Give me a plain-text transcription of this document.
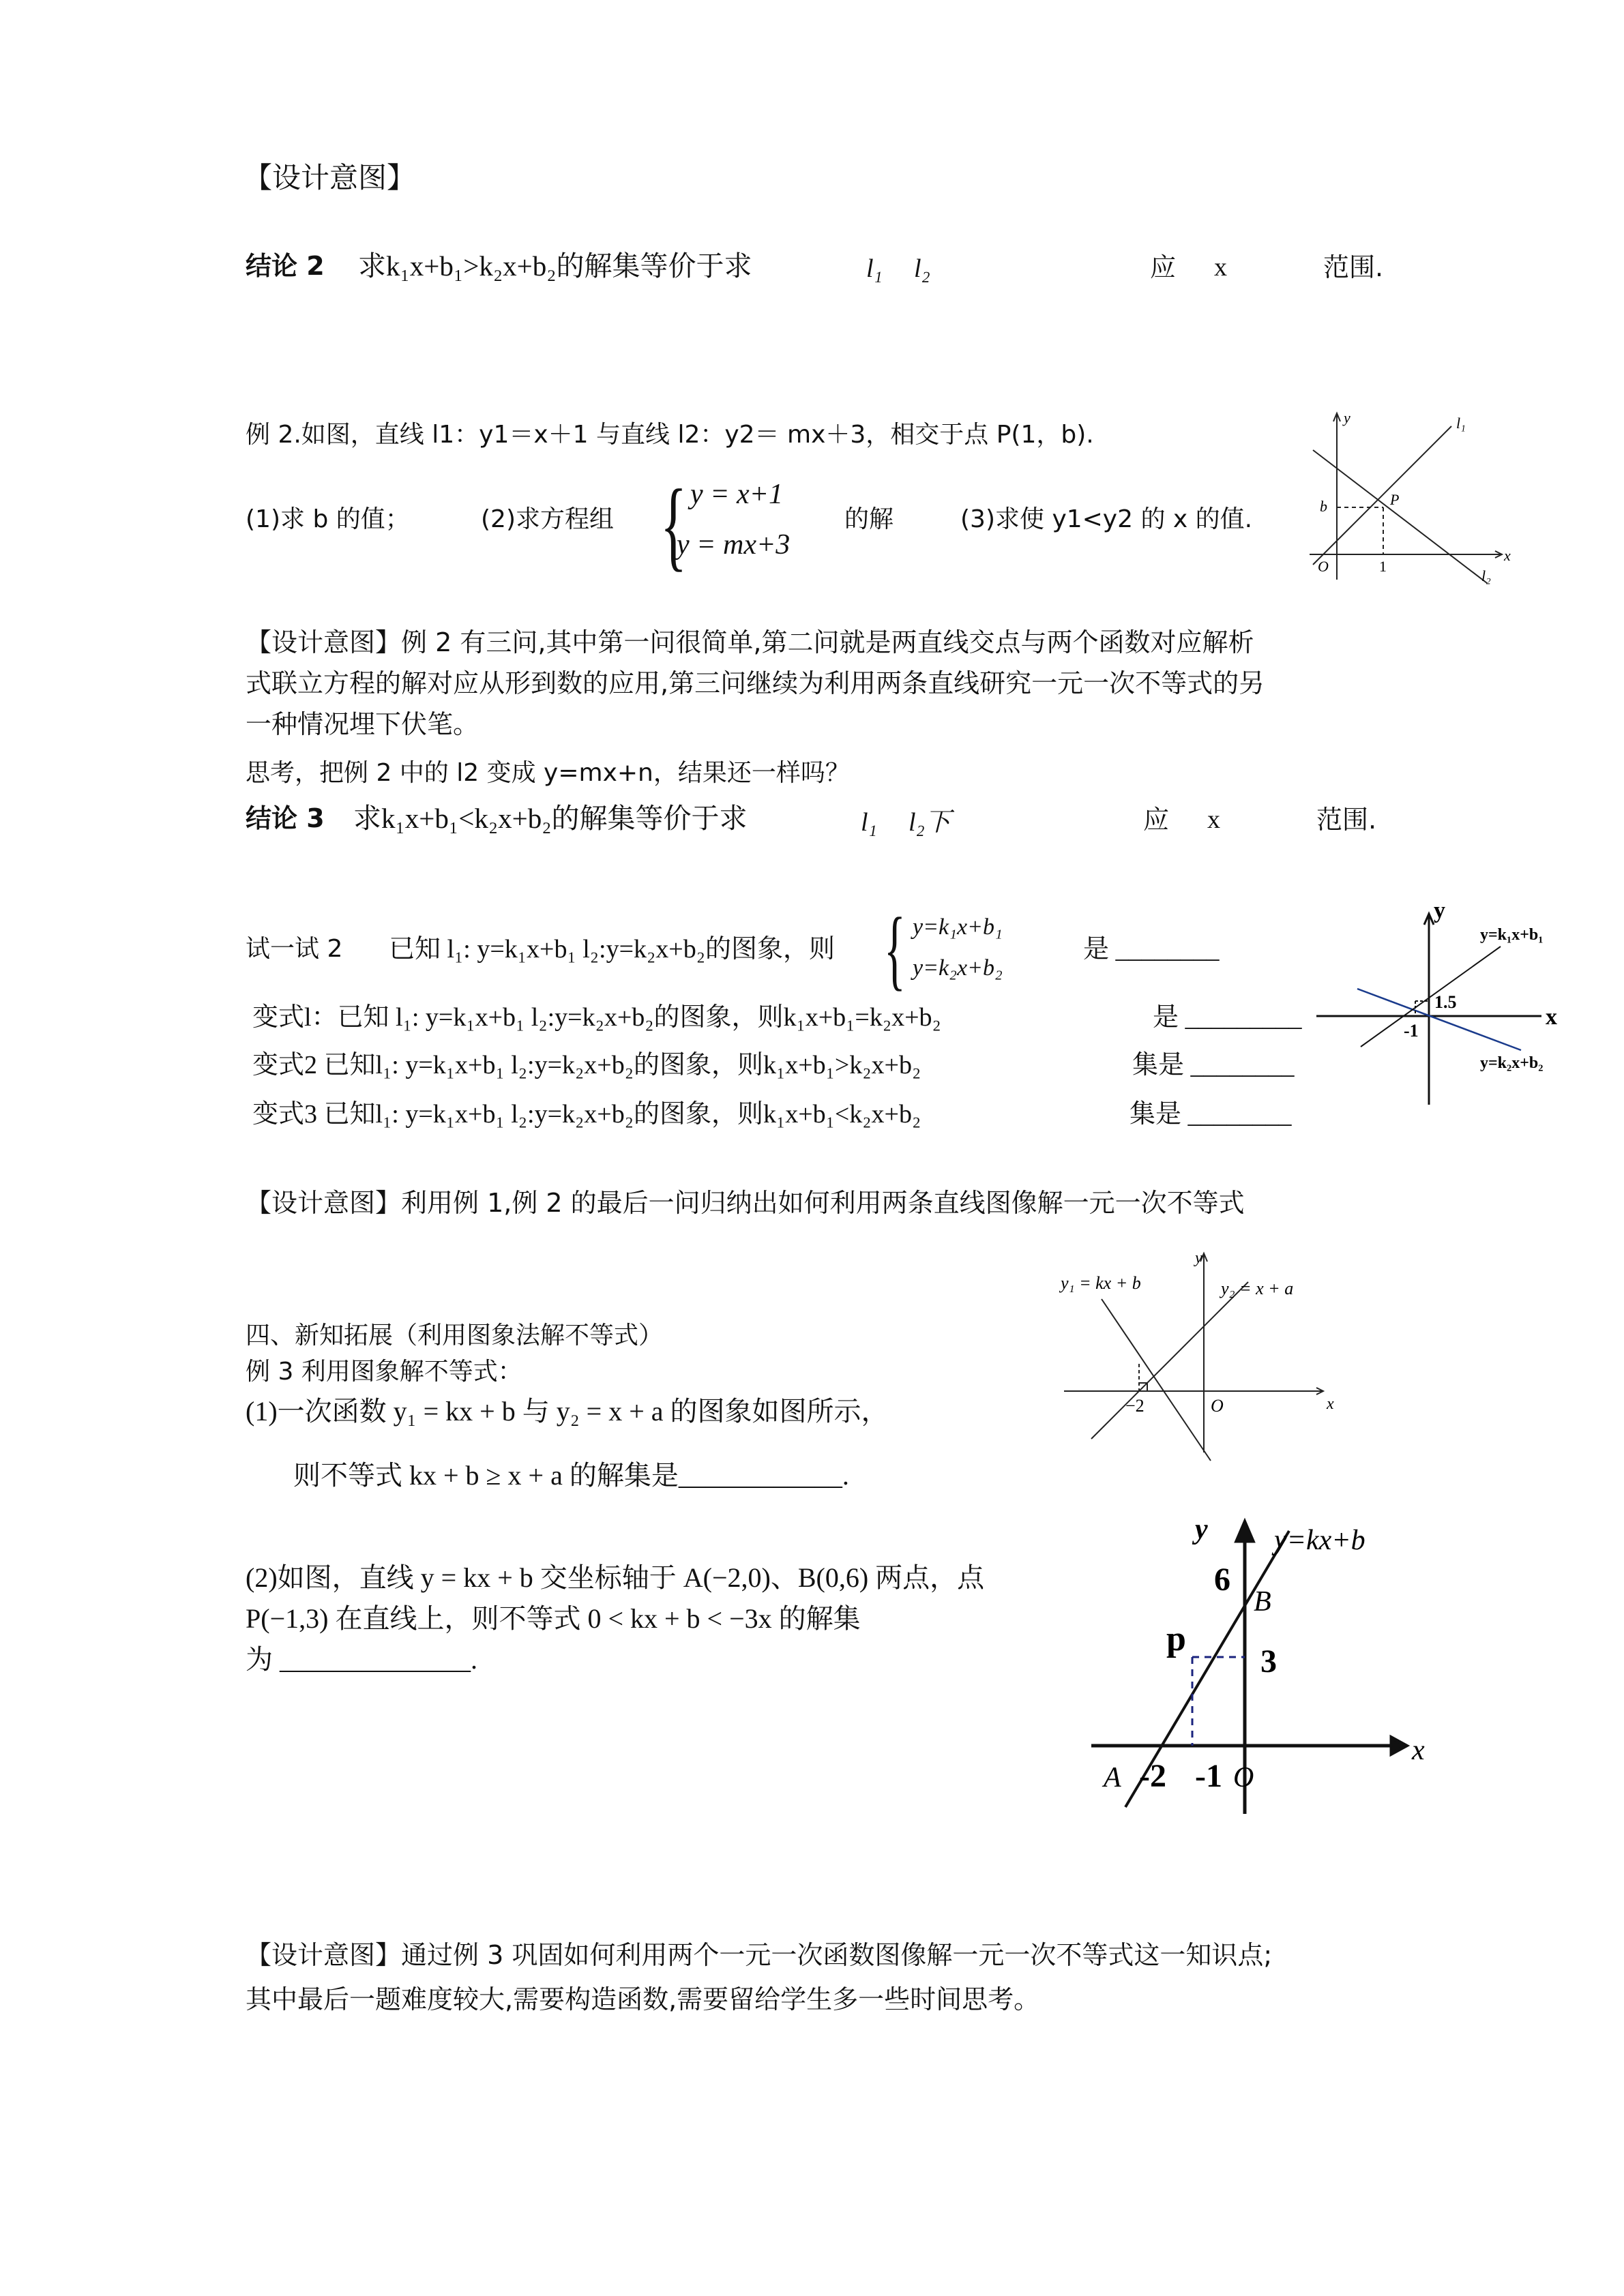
【设计意图】
结论 2 求k₁x+b₁>k₂x+b₂的解集等价于求	l₁ l₂	应 x	范围.
例 2.如图，直线 l1：y1＝x＋1 与直线 l2：y2＝ mx＋3，相交于点 P(1，b).
(1)求 b 的值；	(2)求方程组 { y = x+1
y = mx+3
的解	(3)求使 y1<y2 的 x 的值.
y
x
O
b	P
1
l₁
l₂
【设计意图】例 2 有三问,其中第一问很简单,第二问就是两直线交点与两个函数对应解析
式联立方程的解对应从形到数的应用,第三问继续为利用两条直线研究一元一次不等式的另
一种情况埋下伏笔。
思考，把例 2 中的 l2 变成 y=mx+n，结果还一样吗？
结论 3 求k₁x+b₁<k₂x+b₂的解集等价于求	l₁ l₂下	应 x	范围.
试一试 2 已知 l₁: y=k₁x+b₁ l₂:y=k₂x+b₂的图象，则 { y=k₁x+b₁
y=k₂x+b₂
是 ________
变式l：已知 l₁: y=k₁x+b₁ l₂:y=k₂x+b₂的图象，则k₁x+b₁=k₂x+b₂	是 _________
变式2 已知l₁: y=k₁x+b₁ l₂:y=k₂x+b₂的图象，则k₁x+b₁>k₂x+b₂	集是 ________
变式3 已知l₁: y=k₁x+b₁ l₂:y=k₂x+b₂的图象，则k₁x+b₁<k₂x+b₂	集是 ________
y
x
y=k₁x+b₁
y=k₂x+b₂
1.5
-1
【设计意图】利用例 1,例 2 的最后一问归纳出如何利用两条直线图像解一元一次不等式
四、新知拓展（利用图象法解不等式）
例 3 利用图象解不等式：
(1)一次函数 y₁ = kx + b 与 y₂ = x + a 的图象如图所示，
则不等式 kx + b ≥ x + a 的解集是____________.
y₁ = kx + b	y₂ = x + a
y
x
O
−2
(2)如图，直线 y = kx + b 交坐标轴于 A(−2,0)、B(0,6) 两点，点
P(−1,3) 在直线上，则不等式 0 < kx + b < −3x 的解集
为 ______________.
y
x
y=kx+b
6
B
p
3
A -2 -1 O
【设计意图】通过例 3 巩固如何利用两个一元一次函数图像解一元一次不等式这一知识点;
其中最后一题难度较大,需要构造函数,需要留给学生多一些时间思考。
